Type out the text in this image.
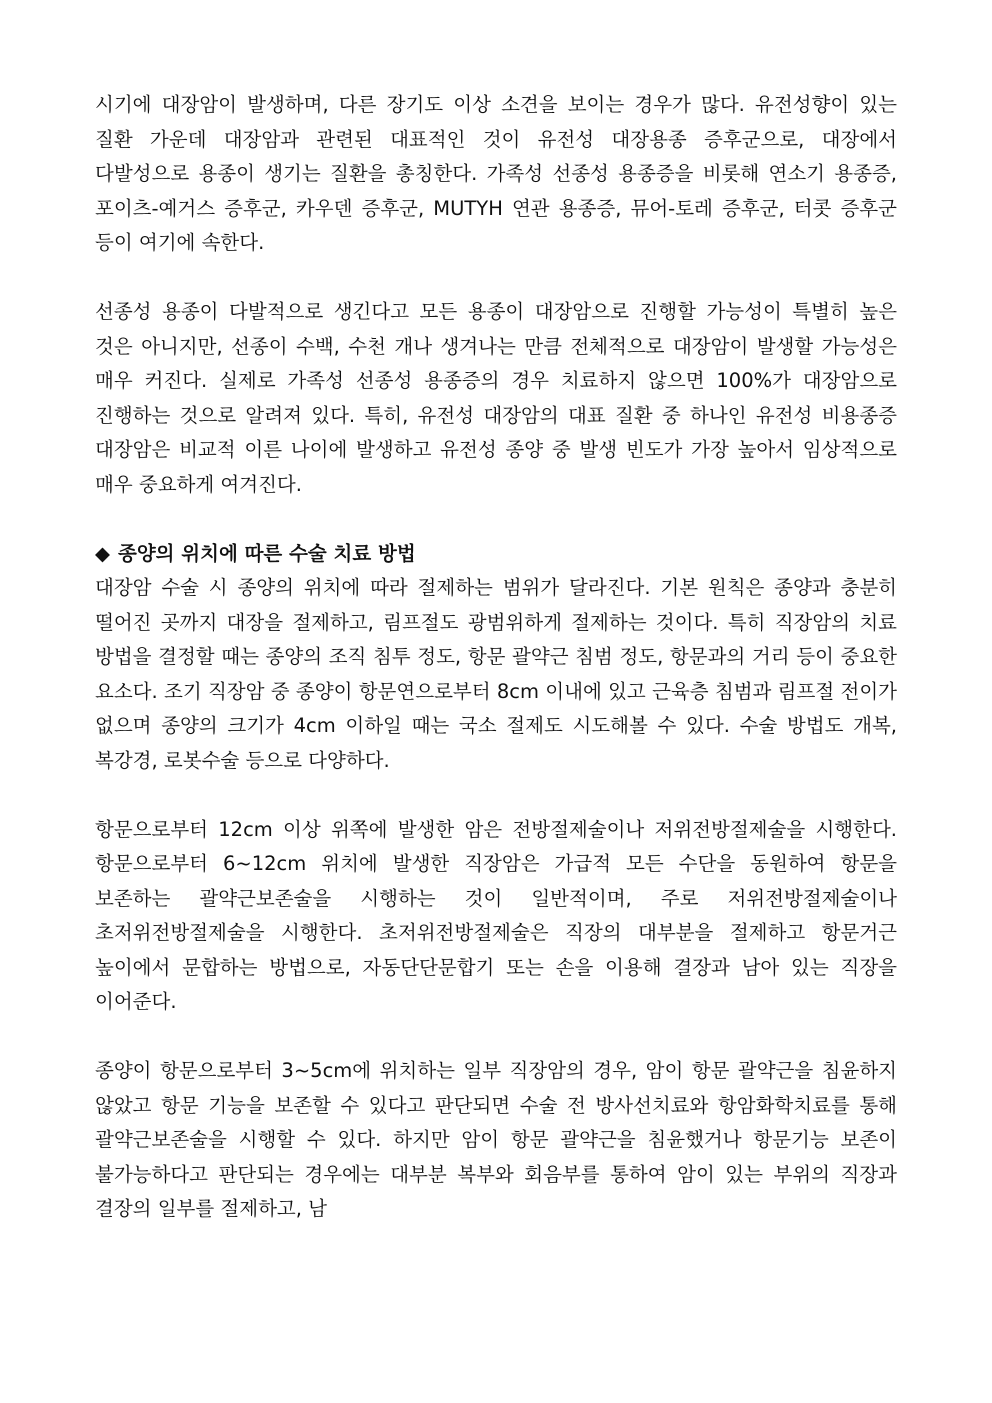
시기에 대장암이 발생하며, 다른 장기도 이상 소견을 보이는 경우가 많다. 유전성향이 있는 질환 가운데 대장암과 관련된 대표적인 것이 유전성 대장용종 증후군으로, 대장에서 다발성으로 용종이 생기는 질환을 총칭한다. 가족성 선종성 용종증을 비롯해 연소기 용종증, 포이츠-예거스 증후군, 카우덴 증후군, MUTYH 연관 용종증, 뮤어-토레 증후군, 터콧 증후군 등이 여기에 속한다.

선종성 용종이 다발적으로 생긴다고 모든 용종이 대장암으로 진행할 가능성이 특별히 높은 것은 아니지만, 선종이 수백, 수천 개나 생겨나는 만큼 전체적으로 대장암이 발생할 가능성은 매우 커진다. 실제로 가족성 선종성 용종증의 경우 치료하지 않으면 100%가 대장암으로 진행하는 것으로 알려져 있다. 특히, 유전성 대장암의 대표 질환 중 하나인 유전성 비용종증 대장암은 비교적 이른 나이에 발생하고 유전성 종양 중 발생 빈도가 가장 높아서 임상적으로 매우 중요하게 여겨진다.

◆ 종양의 위치에 따른 수술 치료 방법

대장암 수술 시 종양의 위치에 따라 절제하는 범위가 달라진다. 기본 원칙은 종양과 충분히 떨어진 곳까지 대장을 절제하고, 림프절도 광범위하게 절제하는 것이다. 특히 직장암의 치료 방법을 결정할 때는 종양의 조직 침투 정도, 항문 괄약근 침범 정도, 항문과의 거리 등이 중요한 요소다. 조기 직장암 중 종양이 항문연으로부터 8cm 이내에 있고 근육층 침범과 림프절 전이가 없으며 종양의 크기가 4cm 이하일 때는 국소 절제도 시도해볼 수 있다. 수술 방법도 개복, 복강경, 로봇수술 등으로 다양하다.

항문으로부터 12cm 이상 위쪽에 발생한 암은 전방절제술이나 저위전방절제술을 시행한다. 항문으로부터 6~12cm 위치에 발생한 직장암은 가급적 모든 수단을 동원하여 항문을 보존하는 괄약근보존술을 시행하는 것이 일반적이며, 주로 저위전방절제술이나 초저위전방절제술을 시행한다. 초저위전방절제술은 직장의 대부분을 절제하고 항문거근 높이에서 문합하는 방법으로, 자동단단문합기 또는 손을 이용해 결장과 남아 있는 직장을 이어준다.

종양이 항문으로부터 3~5cm에 위치하는 일부 직장암의 경우, 암이 항문 괄약근을 침윤하지 않았고 항문 기능을 보존할 수 있다고 판단되면 수술 전 방사선치료와 항암화학치료를 통해 괄약근보존술을 시행할 수 있다. 하지만 암이 항문 괄약근을 침윤했거나 항문기능 보존이 불가능하다고 판단되는 경우에는 대부분 복부와 회음부를 통하여 암이 있는 부위의 직장과 결장의 일부를 절제하고, 남
